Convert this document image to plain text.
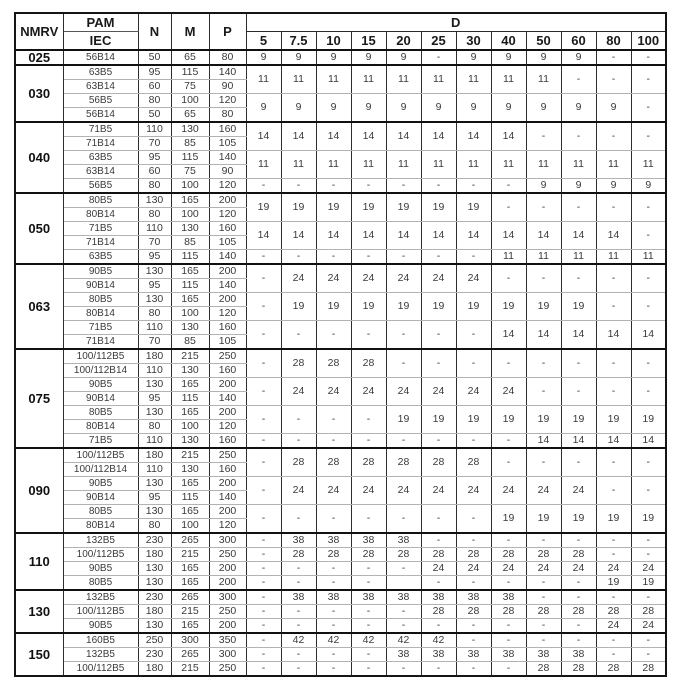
NMRV	PAM	N	M	P	D											
	IEC				5	7.5	10	15	20	25	30	40	50	60	80	100
025	56B14	50	65	80	9	9	9	9	9	-	9	9	9	9	-	-
030	63B5	95	115	140	11	11	11	11	11	11	11	11	11	-	-	-
	63B14	60	75	90												
	56B5	80	100	120	9	9	9	9	9	9	9	9	9	9	9	-
	56B14	50	65	80												
040	71B5	110	130	160	14	14	14	14	14	14	14	14	-	-	-	-
	71B14	70	85	105												
	63B5	95	115	140	11	11	11	11	11	11	11	11	11	11	11	11
	63B14	60	75	90												
	56B5	80	100	120	-	-	-	-	-	-	-	-	9	9	9	9
050	80B5	130	165	200	19	19	19	19	19	19	19	-	-	-	-	-
	80B14	80	100	120												
	71B5	110	130	160	14	14	14	14	14	14	14	14	14	14	14	-
	71B14	70	85	105												
	63B5	95	115	140	-	-	-	-	-	-	-	11	11	11	11	11
063	90B5	130	165	200	-	24	24	24	24	24	24	-	-	-	-	-
	90B14	95	115	140												
	80B5	130	165	200	-	19	19	19	19	19	19	19	19	19	-	-
	80B14	80	100	120												
	71B5	110	130	160	-	-	-	-	-	-	-	14	14	14	14	14
	71B14	70	85	105												
075	100/112B5	180	215	250	-	28	28	28	-	-	-	-	-	-	-	-
	100/112B14	110	130	160												
	90B5	130	165	200	-	24	24	24	24	24	24	24	-	-	-	-
	90B14	95	115	140												
	80B5	130	165	200	-	-	-	-	19	19	19	19	19	19	19	19
	80B14	80	100	120												
	71B5	110	130	160	-	-	-	-	-	-	-	-	14	14	14	14
090	100/112B5	180	215	250	-	28	28	28	28	28	28	-	-	-	-	-
	100/112B14	110	130	160												
	90B5	130	165	200	-	24	24	24	24	24	24	24	24	24	-	-
	90B14	95	115	140												
	80B5	130	165	200	-	-	-	-	-	-	-	19	19	19	19	19
	80B14	80	100	120												
110	132B5	230	265	300	-	38	38	38	38	-	-	-	-	-	-	-
	100/112B5	180	215	250	-	28	28	28	28	28	28	28	28	28	-	-
	90B5	130	165	200	-	-	-	-	-	24	24	24	24	24	24	24
	80B5	130	165	200	-	-	-	-		-	-	-	-	-	19	19
130	132B5	230	265	300	-	38	38	38	38	38	38	38	-	-	-	-
	100/112B5	180	215	250	-	-	-	-	-	28	28	28	28	28	28	28
	90B5	130	165	200	-	-	-	-	-	-	-	-	-	-	24	24
150	160B5	250	300	350	-	42	42	42	42	42	-	-	-	-	-	-
	132B5	230	265	300	-	-	-	-	38	38	38	38	38	38	-	-
	100/112B5	180	215	250	-	-	-	-	-	-	-	-	28	28	28	28
